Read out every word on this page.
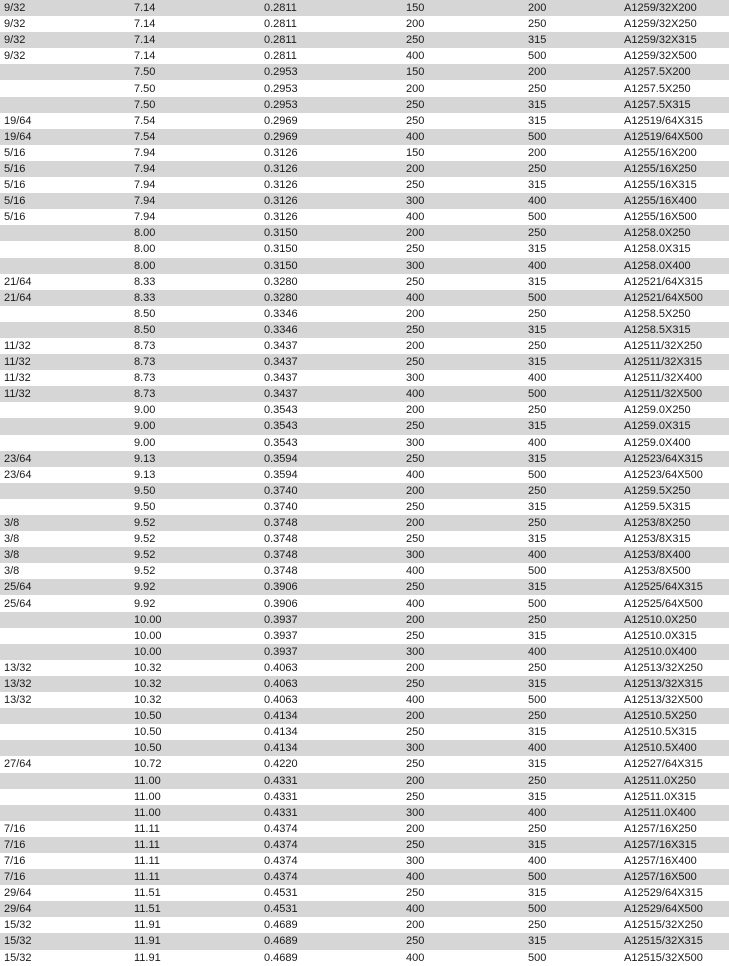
9/32	7.14	0.2811	150	200	A1259/32X200
9/32	7.14	0.2811	200	250	A1259/32X250
9/32	7.14	0.2811	250	315	A1259/32X315
9/32	7.14	0.2811	400	500	A1259/32X500
	7.50	0.2953	150	200	A1257.5X200
	7.50	0.2953	200	250	A1257.5X250
	7.50	0.2953	250	315	A1257.5X315
19/64	7.54	0.2969	250	315	A12519/64X315
19/64	7.54	0.2969	400	500	A12519/64X500
5/16	7.94	0.3126	150	200	A1255/16X200
5/16	7.94	0.3126	200	250	A1255/16X250
5/16	7.94	0.3126	250	315	A1255/16X315
5/16	7.94	0.3126	300	400	A1255/16X400
5/16	7.94	0.3126	400	500	A1255/16X500
	8.00	0.3150	200	250	A1258.0X250
	8.00	0.3150	250	315	A1258.0X315
	8.00	0.3150	300	400	A1258.0X400
21/64	8.33	0.3280	250	315	A12521/64X315
21/64	8.33	0.3280	400	500	A12521/64X500
	8.50	0.3346	200	250	A1258.5X250
	8.50	0.3346	250	315	A1258.5X315
11/32	8.73	0.3437	200	250	A12511/32X250
11/32	8.73	0.3437	250	315	A12511/32X315
11/32	8.73	0.3437	300	400	A12511/32X400
11/32	8.73	0.3437	400	500	A12511/32X500
	9.00	0.3543	200	250	A1259.0X250
	9.00	0.3543	250	315	A1259.0X315
	9.00	0.3543	300	400	A1259.0X400
23/64	9.13	0.3594	250	315	A12523/64X315
23/64	9.13	0.3594	400	500	A12523/64X500
	9.50	0.3740	200	250	A1259.5X250
	9.50	0.3740	250	315	A1259.5X315
3/8	9.52	0.3748	200	250	A1253/8X250
3/8	9.52	0.3748	250	315	A1253/8X315
3/8	9.52	0.3748	300	400	A1253/8X400
3/8	9.52	0.3748	400	500	A1253/8X500
25/64	9.92	0.3906	250	315	A12525/64X315
25/64	9.92	0.3906	400	500	A12525/64X500
	10.00	0.3937	200	250	A12510.0X250
	10.00	0.3937	250	315	A12510.0X315
	10.00	0.3937	300	400	A12510.0X400
13/32	10.32	0.4063	200	250	A12513/32X250
13/32	10.32	0.4063	250	315	A12513/32X315
13/32	10.32	0.4063	400	500	A12513/32X500
	10.50	0.4134	200	250	A12510.5X250
	10.50	0.4134	250	315	A12510.5X315
	10.50	0.4134	300	400	A12510.5X400
27/64	10.72	0.4220	250	315	A12527/64X315
	11.00	0.4331	200	250	A12511.0X250
	11.00	0.4331	250	315	A12511.0X315
	11.00	0.4331	300	400	A12511.0X400
7/16	11.11	0.4374	200	250	A1257/16X250
7/16	11.11	0.4374	250	315	A1257/16X315
7/16	11.11	0.4374	300	400	A1257/16X400
7/16	11.11	0.4374	400	500	A1257/16X500
29/64	11.51	0.4531	250	315	A12529/64X315
29/64	11.51	0.4531	400	500	A12529/64X500
15/32	11.91	0.4689	200	250	A12515/32X250
15/32	11.91	0.4689	250	315	A12515/32X315
15/32	11.91	0.4689	400	500	A12515/32X500
